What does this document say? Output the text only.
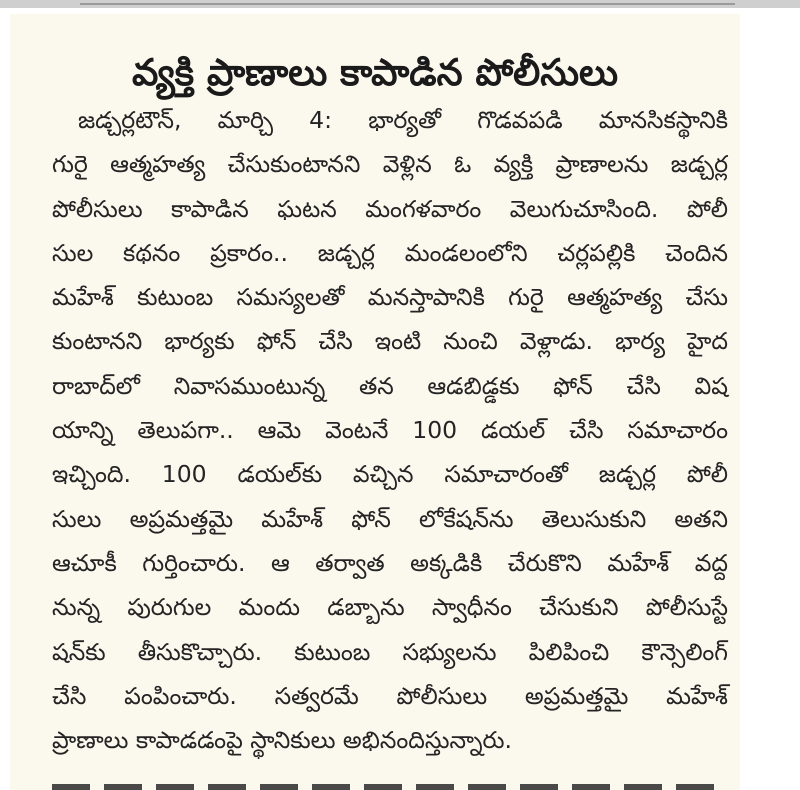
వ్యక్తి ప్రాణాలు కాపాడిన పోలీసులు
జడ్చర్లటౌన్, మార్చి 4: భార్యతో గొడవపడి మానసికస్థానికి
గురై ఆత్మహత్య చేసుకుంటానని వెళ్లిన ఓ వ్యక్తి ప్రాణాలను జడ్చర్ల
పోలీసులు కాపాడిన ఘటన మంగళవారం వెలుగుచూసింది. పోలీ
సుల కథనం ప్రకారం.. జడ్చర్ల మండలంలోని చర్లపల్లికి చెందిన
మహేశ్ కుటుంబ సమస్యలతో మనస్తాపానికి గురై ఆత్మహత్య చేసు
కుంటానని భార్యకు ఫోన్ చేసి ఇంటి నుంచి వెళ్లాడు. భార్య హైద
రాబాద్‌లో నివాసముంటున్న తన ఆడబిడ్డకు ఫోన్ చేసి విష
యాన్ని తెలుపగా.. ఆమె వెంటనే 100 డయల్ చేసి సమాచారం
ఇచ్చింది. 100 డయల్‌కు వచ్చిన సమాచారంతో జడ్చర్ల పోలీ
సులు అప్రమత్తమై మహేశ్ ఫోన్ లోకేషన్‌ను తెలుసుకుని అతని
ఆచూకీ గుర్తించారు. ఆ తర్వాత అక్కడికి చేరుకొని మహేశ్ వద్ద
నున్న పురుగుల మందు డబ్బాను స్వాధీనం చేసుకుని పోలీసుస్టే
షన్‌కు తీసుకొచ్చారు. కుటుంబ సభ్యులను పిలిపించి కౌన్సెలింగ్
చేసి పంపించారు. సత్వరమే పోలీసులు అప్రమత్తమై మహేశ్
ప్రాణాలు కాపాడడంపై స్థానికులు అభినందిస్తున్నారు.
